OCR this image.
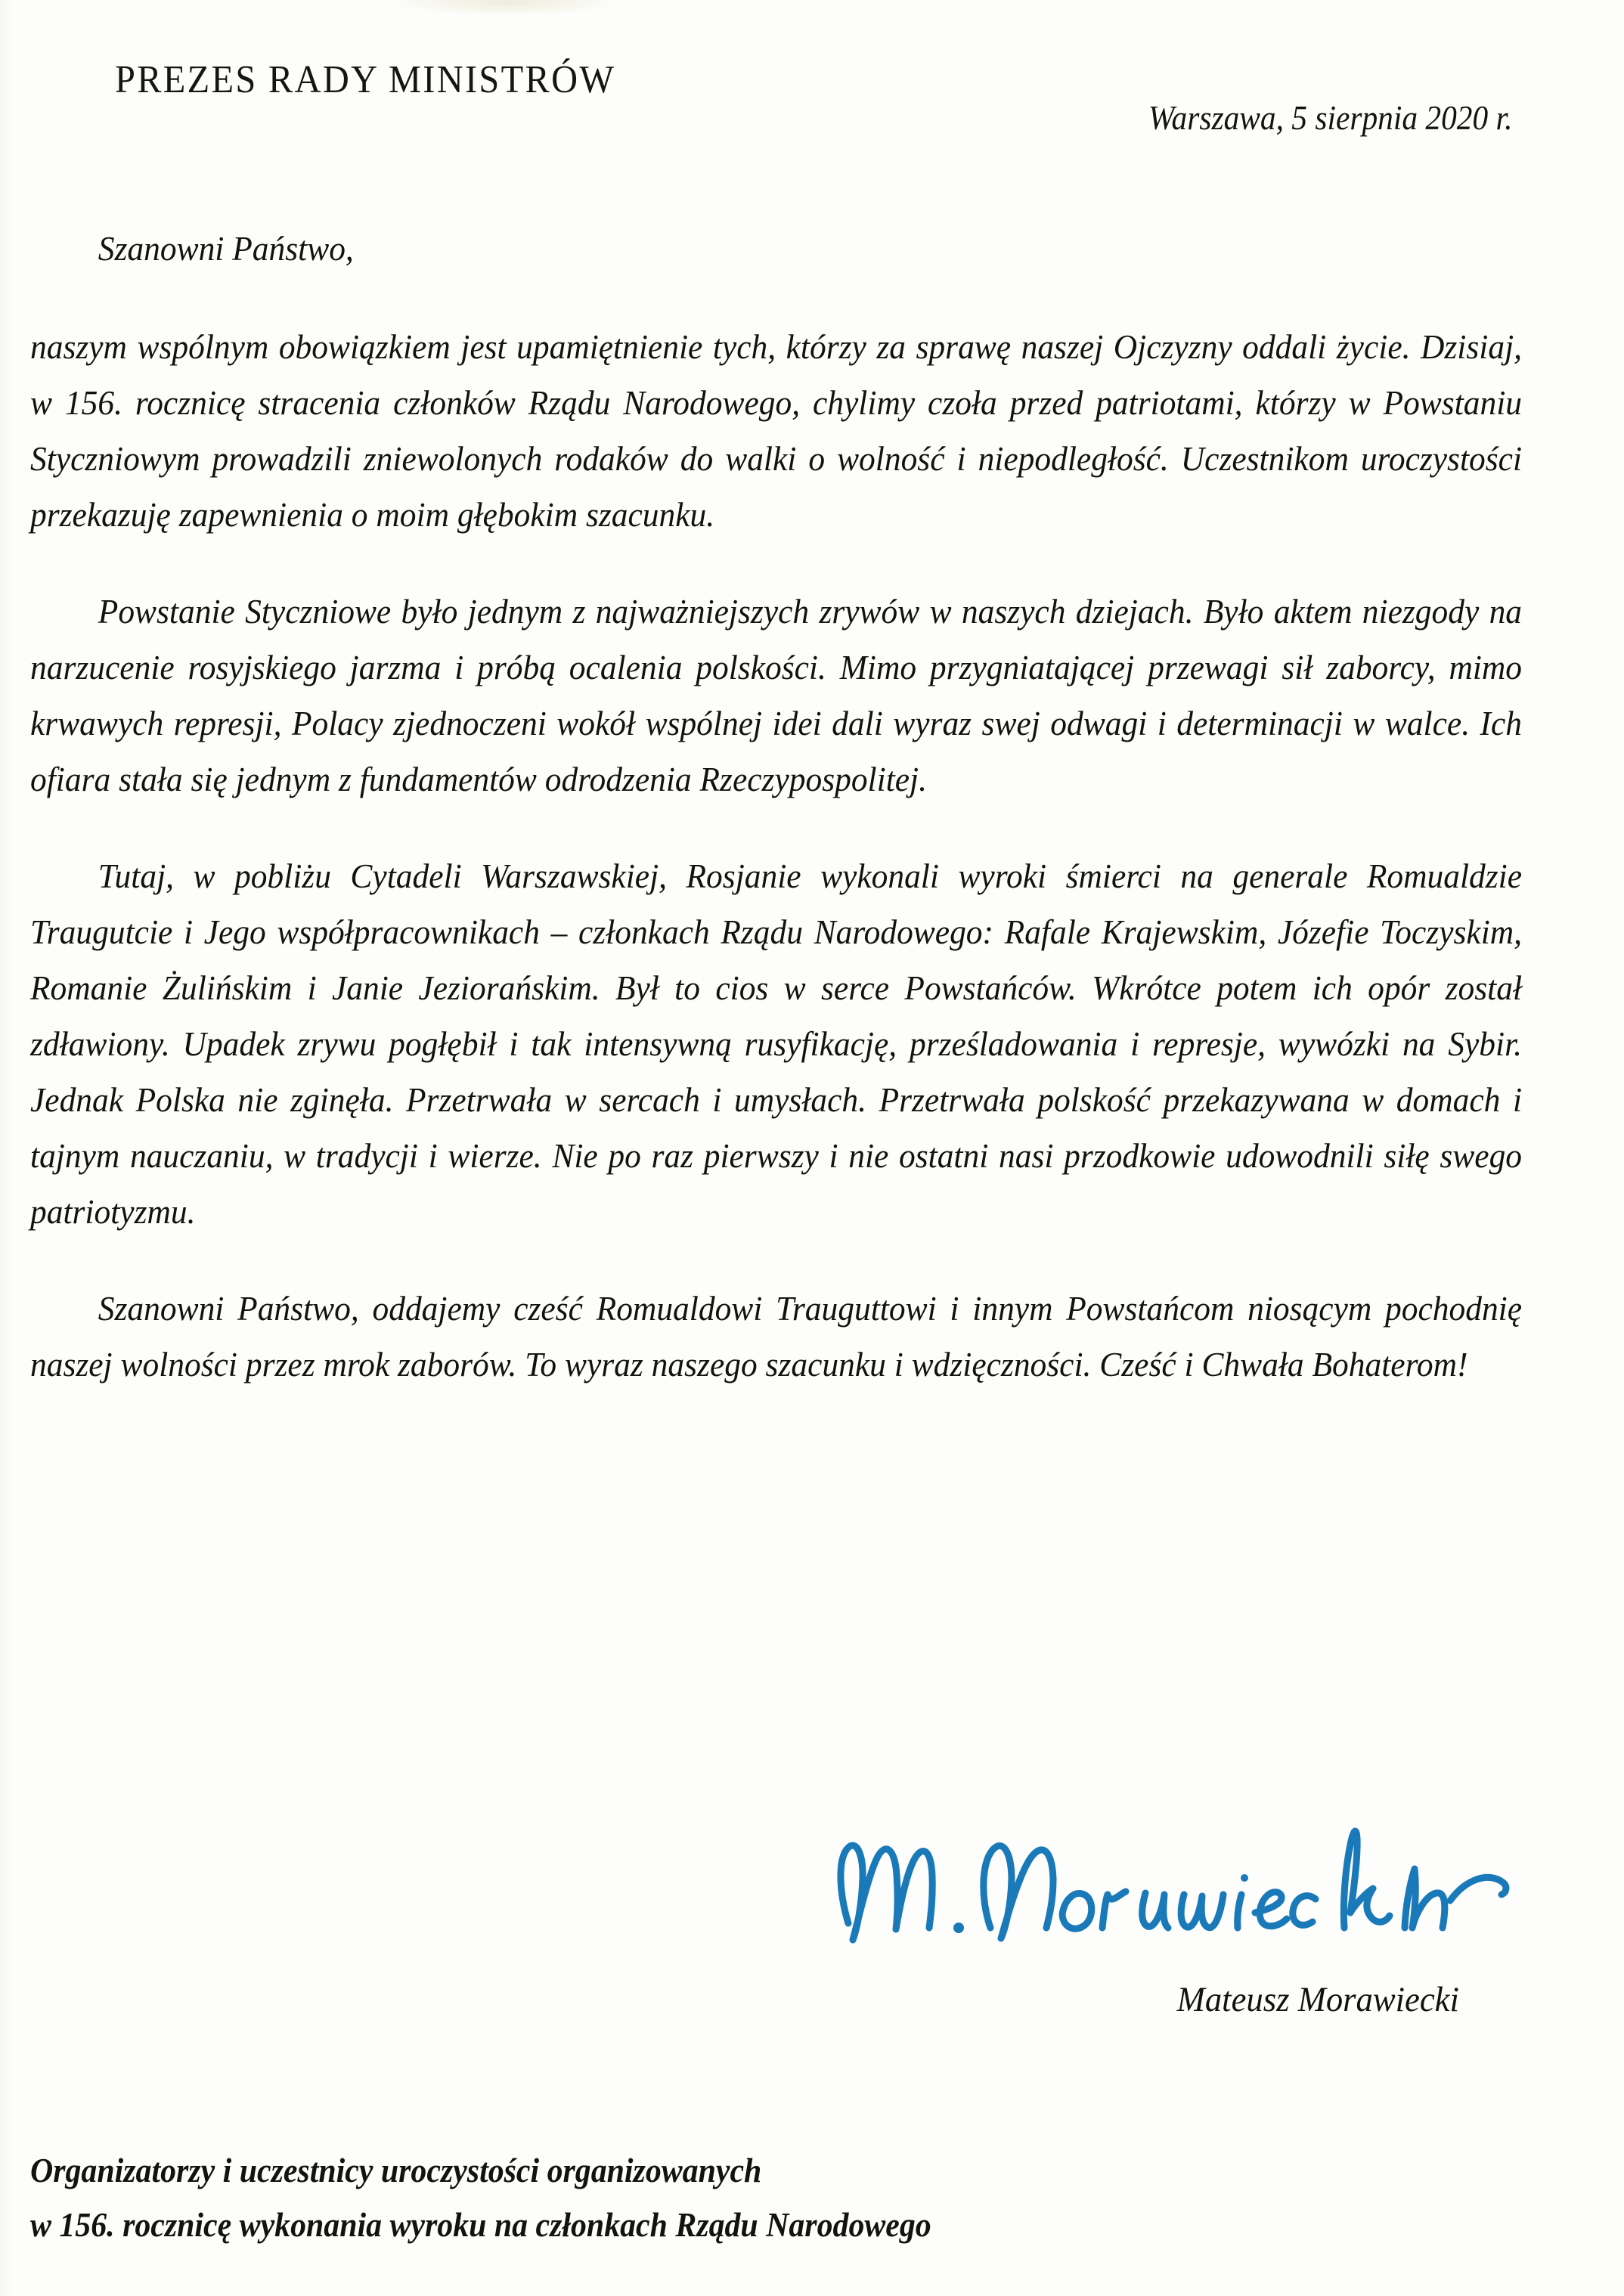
PREZES RADY MINISTRÓW
Warszawa, 5 sierpnia 2020 r.

Szanowni Państwo,

naszym wspólnym obowiązkiem jest upamiętnienie tych, którzy za sprawę naszej Ojczyzny oddali życie. Dzisiaj, w 156. rocznicę stracenia członków Rządu Narodowego, chylimy czoła przed patriotami, którzy w Powstaniu Styczniowym prowadzili zniewolonych rodaków do walki o wolność i niepodległość. Uczestnikom uroczystości przekazuję zapewnienia o moim głębokim szacunku.

Powstanie Styczniowe było jednym z najważniejszych zrywów w naszych dziejach. Było aktem niezgody na narzucenie rosyjskiego jarzma i próbą ocalenia polskości. Mimo przygniatającej przewagi sił zaborcy, mimo krwawych represji, Polacy zjednoczeni wokół wspólnej idei dali wyraz swej odwagi i determinacji w walce. Ich ofiara stała się jednym z fundamentów odrodzenia Rzeczypospolitej.

Tutaj, w pobliżu Cytadeli Warszawskiej, Rosjanie wykonali wyroki śmierci na generale Romualdzie Traugutcie i Jego współpracownikach – członkach Rządu Narodowego: Rafale Krajewskim, Józefie Toczyskim, Romanie Żulińskim i Janie Jeziorańskim. Był to cios w serce Powstańców. Wkrótce potem ich opór został zdławiony. Upadek zrywu pogłębił i tak intensywną rusyfikację, prześladowania i represje, wywózki na Sybir. Jednak Polska nie zginęła. Przetrwała w sercach i umysłach. Przetrwała polskość przekazywana w domach i tajnym nauczaniu, w tradycji i wierze. Nie po raz pierwszy i nie ostatni nasi przodkowie udowodnili siłę swego patriotyzmu.

Szanowni Państwo, oddajemy cześć Romualdowi Trauguttowi i innym Powstańcom niosącym pochodnię naszej wolności przez mrok zaborów. To wyraz naszego szacunku i wdzięczności. Cześć i Chwała Bohaterom!

Mateusz Morawiecki
Organizatorzy i uczestnicy uroczystości organizowanych
w 156. rocznicę wykonania wyroku na członkach Rządu Narodowego
